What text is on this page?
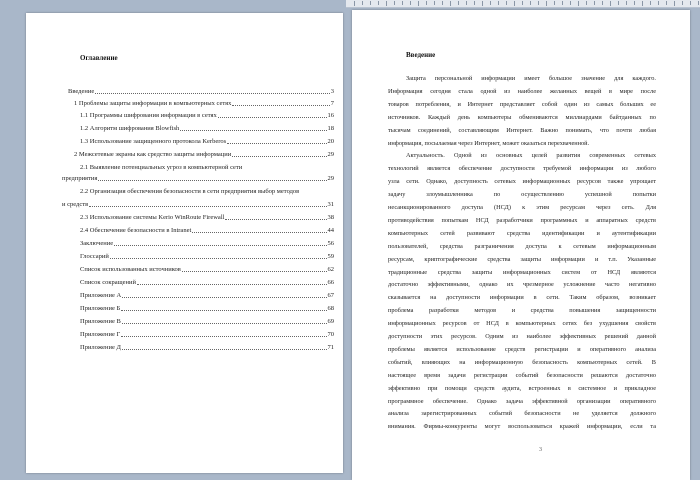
Оглавление
Введение	3
1 Проблемы защиты информации в компьютерных сетях	7
1.1 Программы шифрования информации в сетях	16
1.2 Алгоритм шифрования Blowfish	18
1.3 Использование защищенного протокола Kerberos	20
2 Межсетевые экраны как средство защиты информации	29
2.1 Выявление потенциальных угроз в компьютерной сети
предприятия	29
2.2 Организация обеспечения безопасности в сети предприятия выбор методов
и средств	31
2.3 Использование системы Kerio WinRoute Firewall	38
2.4 Обеспечение безопасности в Intranet	44
Заключение	56
Глоссарий	59
Список использованных источников	62
Список сокращений	66
Приложение А	67
Приложение Б	68
Приложение В	69
Приложение Г	70
Приложение Д	71
Введение
Защита персональной информации имеет большое значение для каждого.
Информация сегодня стала одной из наиболее желанных вещей в мире после
товаров потребления, и Интернет представляет собой один из самых больших ее
источников. Каждый день компьютеры обмениваются миллиардами байтданных по
тысячам соединений, составляющим Интернет. Важно понимать, что почти любая
информация, посылаемая через Интернет, может оказаться перехваченной.
Актуальность. Одной из основных целей развития современных сетевых
технологий является обеспечение доступности требуемой информации из любого
узла сети. Однако, доступность сетевых информационных ресурсов также упрощает
задачу злоумышленника по осуществлению успешной попытки
несанкционированного доступа (НСД) к этим ресурсам через сеть. Для
противодействия попыткам НСД разработчики программных и аппаратных средств
компьютерных сетей развивают средства идентификации и аутентификации
пользователей, средства разграничения доступа к сетевым информационным
ресурсам, криптографические средства защиты информации и т.п. Указанные
традиционные средства защиты информационных систем от НСД являются
достаточно эффективными, однако их чрезмерное усложнение часто негативно
сказывается на доступности информации в сети. Таким образом, возникает
проблема разработки методов и средства повышения защищенности
информационных ресурсов от НСД в компьютерных сетях без ухудшения свойств
доступности этих ресурсов. Одним из наиболее эффективных решений данной
проблемы является использование средств регистрации и оперативного анализа
событий, влияющих на информационную безопасность компьютерных сетей. В
настоящее время задачи регистрации событий безопасности решаются достаточно
эффективно при помощи средств аудита, встроенных в системное и прикладное
программное обеспечение. Однако задача эффективной организации оперативного
анализа зарегистрированных событий безопасности не уделяется должного
внимания. Фирмы-конкуренты могут воспользоваться кражей информации, если та
3
